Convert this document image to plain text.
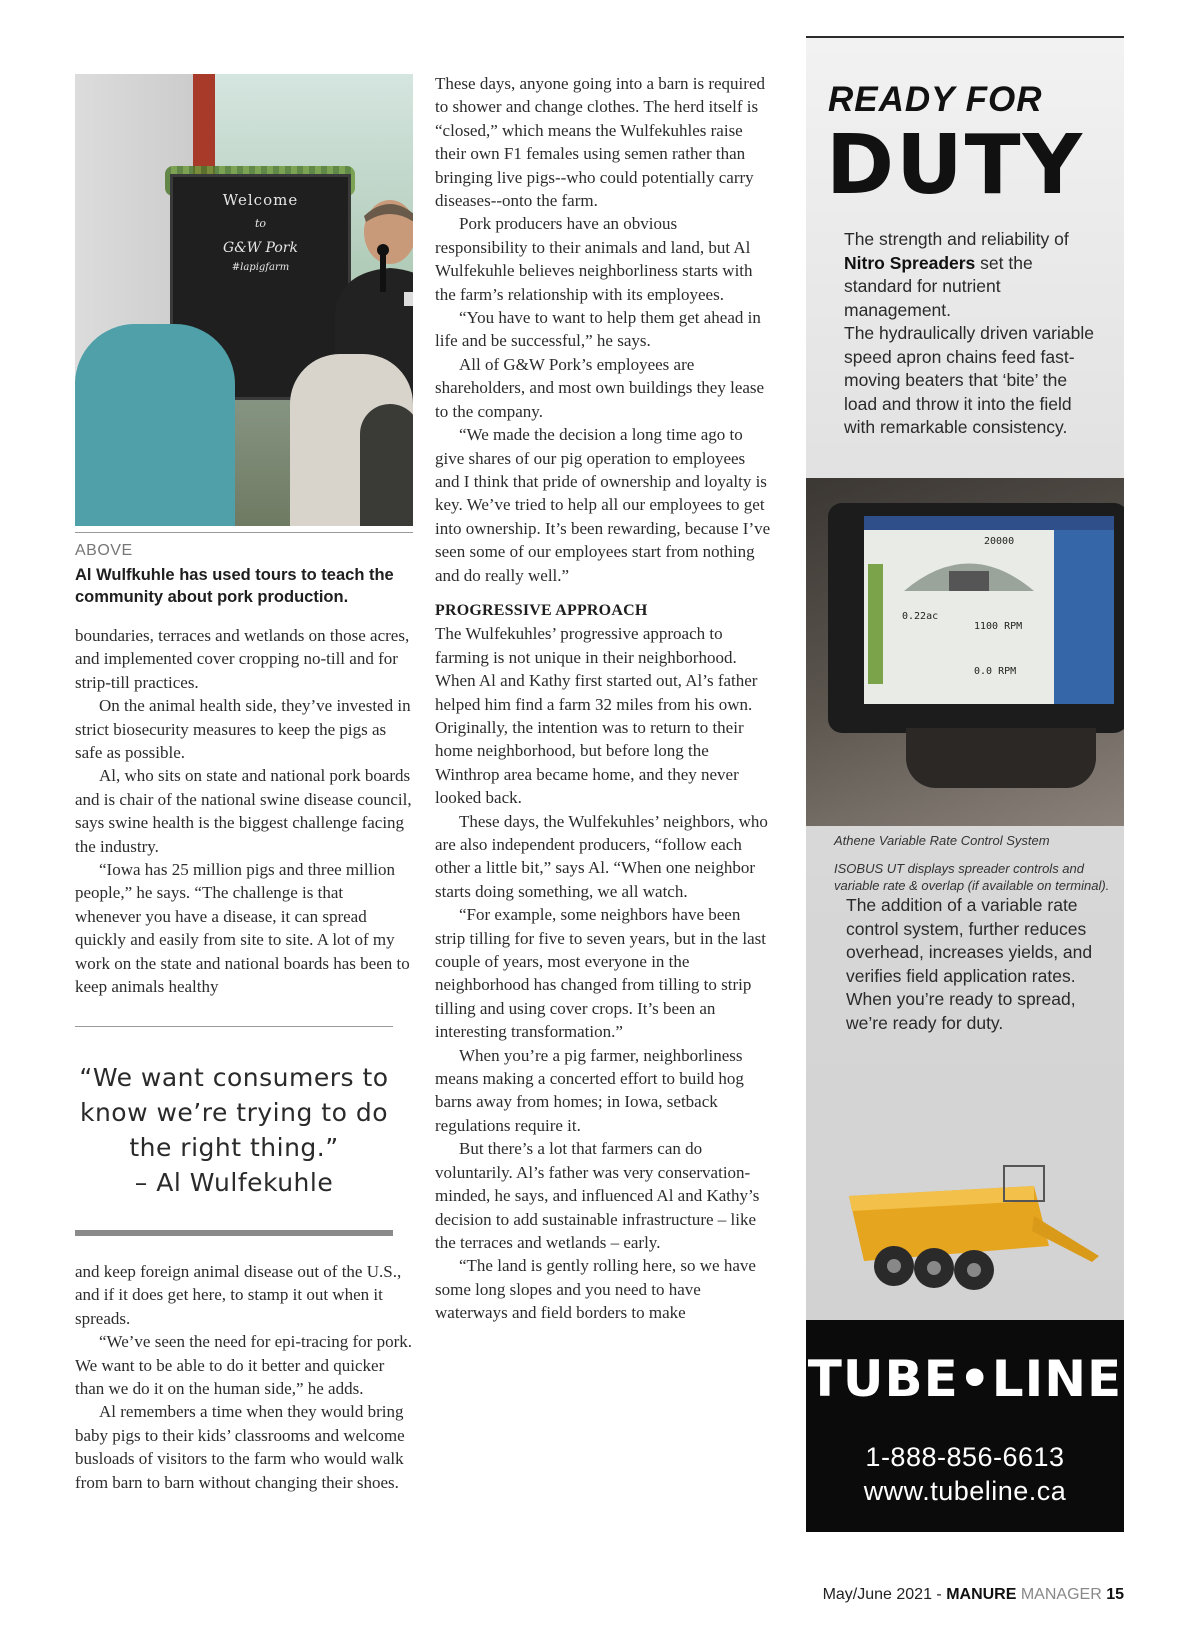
Welcome
to
G&W Pork
#lapigfarm
ABOVE
Al Wulfkuhle has used tours to teach the community about pork production.

boundaries, terraces and wetlands on those acres, and implemented cover cropping no-till and for strip-till practices.

On the animal health side, they’ve invested in strict biosecurity measures to keep the pigs as safe as possible.

Al, who sits on state and national pork boards and is chair of the national swine disease council, says swine health is the biggest challenge facing the industry.

“Iowa has 25 million pigs and three million people,” he says. “The challenge is that whenever you have a disease, it can spread quickly and easily from site to site. A lot of my work on the state and national boards has been to keep animals healthy

“We want consumers to know we’re trying to do the right thing.”
– Al Wulfekuhle

and keep foreign animal disease out of the U.S., and if it does get here, to stamp it out when it spreads.

“We’ve seen the need for epi-tracing for pork. We want to be able to do it better and quicker than we do it on the human side,” he adds.

Al remembers a time when they would bring baby pigs to their kids’ classrooms and welcome busloads of visitors to the farm who would walk from barn to barn without changing their shoes.

These days, anyone going into a barn is required to shower and change clothes. The herd itself is “closed,” which means the Wulfekuhles raise their own F1 females using semen rather than bringing live pigs--who could potentially carry diseases--onto the farm.

Pork producers have an obvious responsibility to their animals and land, but Al Wulfekuhle believes neighborliness starts with the farm’s relationship with its employees.

“You have to want to help them get ahead in life and be successful,” he says.

All of G&W Pork’s employees are shareholders, and most own buildings they lease to the company.

“We made the decision a long time ago to give shares of our pig operation to employees and I think that pride of ownership and loyalty is key. We’ve tried to help all our employees to get into ownership. It’s been rewarding, because I’ve seen some of our employees start from nothing and do really well.”

PROGRESSIVE APPROACH

The Wulfekuhles’ progressive approach to farming is not unique in their neighborhood. When Al and Kathy first started out, Al’s father helped him find a farm 32 miles from his own. Originally, the intention was to return to their home neighborhood, but before long the Winthrop area became home, and they never looked back.

These days, the Wulfekuhles’ neighbors, who are also independent producers, “follow each other a little bit,” says Al. “When one neighbor starts doing something, we all watch.

“For example, some neighbors have been strip tilling for five to seven years, but in the last couple of years, most everyone in the neighborhood has changed from tilling to strip tilling and using cover crops. It’s been an interesting transformation.”

When you’re a pig farmer, neighborliness means making a concerted effort to build hog barns away from homes; in Iowa, setback regulations require it.

But there’s a lot that farmers can do voluntarily. Al’s father was very conservation-minded, he says, and influenced Al and Kathy’s decision to add sustainable infrastructure – like the terraces and wetlands – early.

“The land is gently rolling here, so we have some long slopes and you need to have waterways and field borders to make

READY FOR
DUTY
The strength and reliability of Nitro Spreaders set the standard for nutrient management.
The hydraulically driven variable speed apron chains feed fast-moving beaters that ‘bite’ the load and throw it into the field with remarkable consistency.
20000
1100 RPM
0.22ac
0.0 RPM
Athene Variable Rate Control System
ISOBUS UT displays spreader controls and variable rate & overlap (if available on terminal).
The addition of a variable rate control system, further reduces overhead, increases yields, and verifies field application rates.
When you’re ready to spread, we’re ready for duty.
TUBE•LINE
1-888-856-6613
www.tubeline.ca
May/June 2021 - MANURE MANAGER 15
